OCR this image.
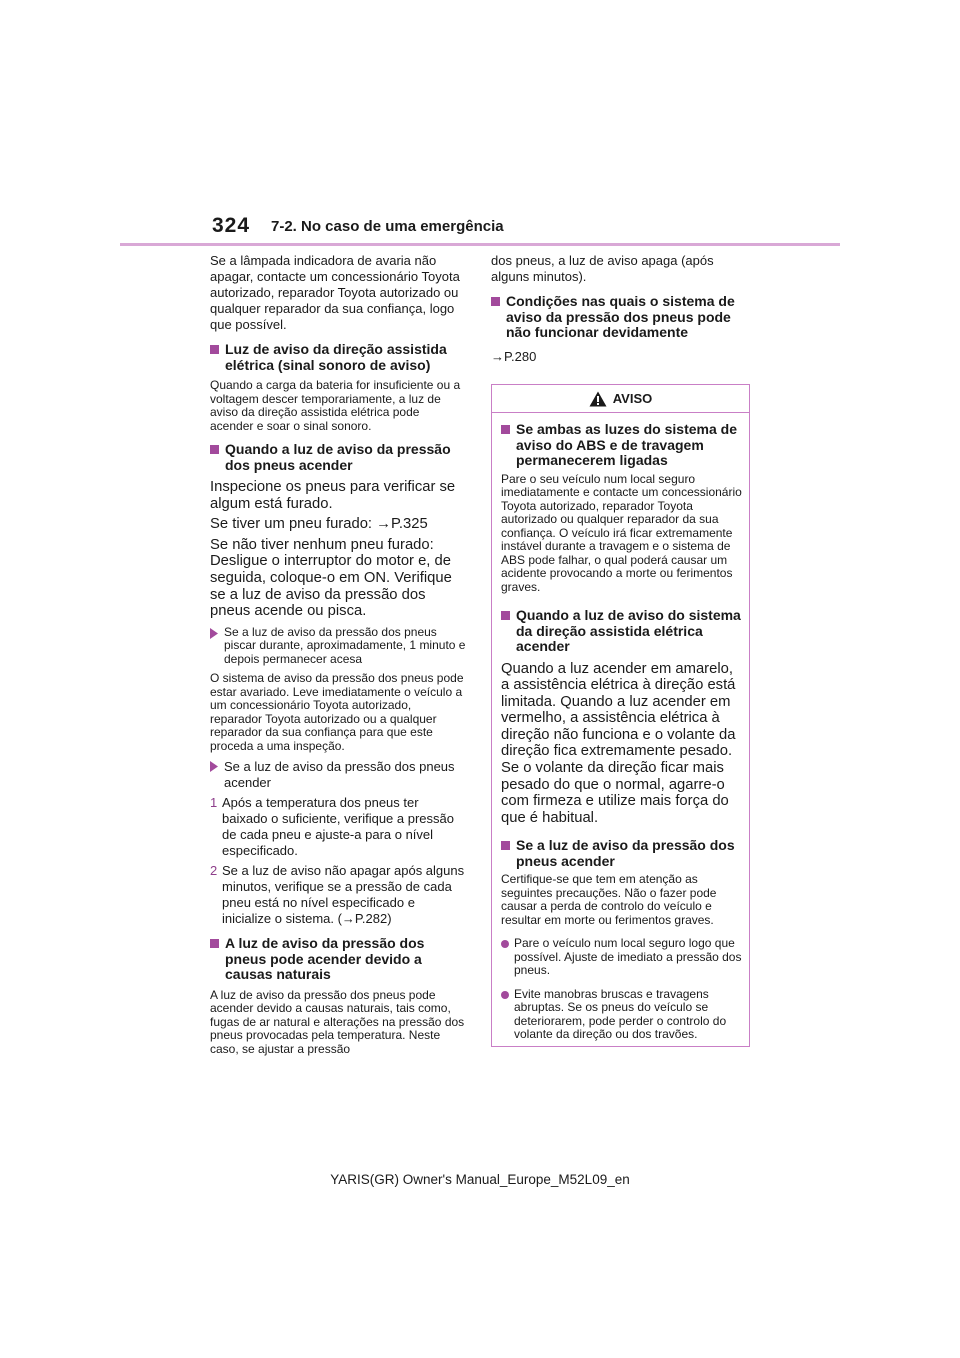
324 7-2. No caso de uma emergência

Se a lâmpada indicadora de avaria não apagar, contacte um concessionário Toyota autorizado, reparador Toyota autorizado ou qualquer reparador da sua confiança, logo que possível.

Luz de aviso da direção assistida elétrica (sinal sonoro de aviso)

Quando a carga da bateria for insuficiente ou a voltagem descer temporariamente, a luz de aviso da direção assistida elétrica pode acender e soar o sinal sonoro.

Quando a luz de aviso da pressão dos pneus acender

Inspecione os pneus para verificar se algum está furado.

Se tiver um pneu furado: →P.325

Se não tiver nenhum pneu furado: Desligue o interruptor do motor e, de seguida, coloque-o em ON. Verifique se a luz de aviso da pressão dos pneus acende ou pisca.

Se a luz de aviso da pressão dos pneus piscar durante, aproximadamente, 1 minuto e depois permanecer acesa

O sistema de aviso da pressão dos pneus pode estar avariado. Leve imediatamente o veículo a um concessionário Toyota autorizado, reparador Toyota autorizado ou a qualquer reparador da sua confiança para que este proceda a uma inspeção.

Se a luz de aviso da pressão dos pneus acender
1 Após a temperatura dos pneus ter baixado o suficiente, verifique a pressão de cada pneu e ajuste-a para o nível especificado.
2 Se a luz de aviso não apagar após alguns minutos, verifique se a pressão de cada pneu está no nível especificado e inicialize o sistema. (→P.282)
A luz de aviso da pressão dos pneus pode acender devido a causas naturais

A luz de aviso da pressão dos pneus pode acender devido a causas naturais, tais como, fugas de ar natural e alterações na pressão dos pneus provocadas pela temperatura. Neste caso, se ajustar a pressão

dos pneus, a luz de aviso apaga (após alguns minutos).

Condições nas quais o sistema de aviso da pressão dos pneus pode não funcionar devidamente

→P.280

AVISO
Se ambas as luzes do sistema de aviso do ABS e de travagem permanecerem ligadas

Pare o seu veículo num local seguro imediatamente e contacte um concessionário Toyota autorizado, reparador Toyota autorizado ou qualquer reparador da sua confiança. O veículo irá ficar extremamente instável durante a travagem e o sistema de ABS pode falhar, o qual poderá causar um acidente provocando a morte ou ferimentos graves.

Quando a luz de aviso do sistema da direção assistida elétrica acender

Quando a luz acender em amarelo, a assistência elétrica à direção está limitada. Quando a luz acender em vermelho, a assistência elétrica à direção não funciona e o volante da direção fica extremamente pesado. Se o volante da direção ficar mais pesado do que o normal, agarre-o com firmeza e utilize mais força do que é habitual.

Se a luz de aviso da pressão dos pneus acender

Certifique-se que tem em atenção as seguintes precauções. Não o fazer pode causar a perda de controlo do veículo e resultar em morte ou ferimentos graves.

Pare o veículo num local seguro logo que possível. Ajuste de imediato a pressão dos pneus.
Evite manobras bruscas e travagens abruptas. Se os pneus do veículo se deteriorarem, pode perder o controlo do volante da direção ou dos travões.
YARIS(GR) Owner's Manual_Europe_M52L09_en
